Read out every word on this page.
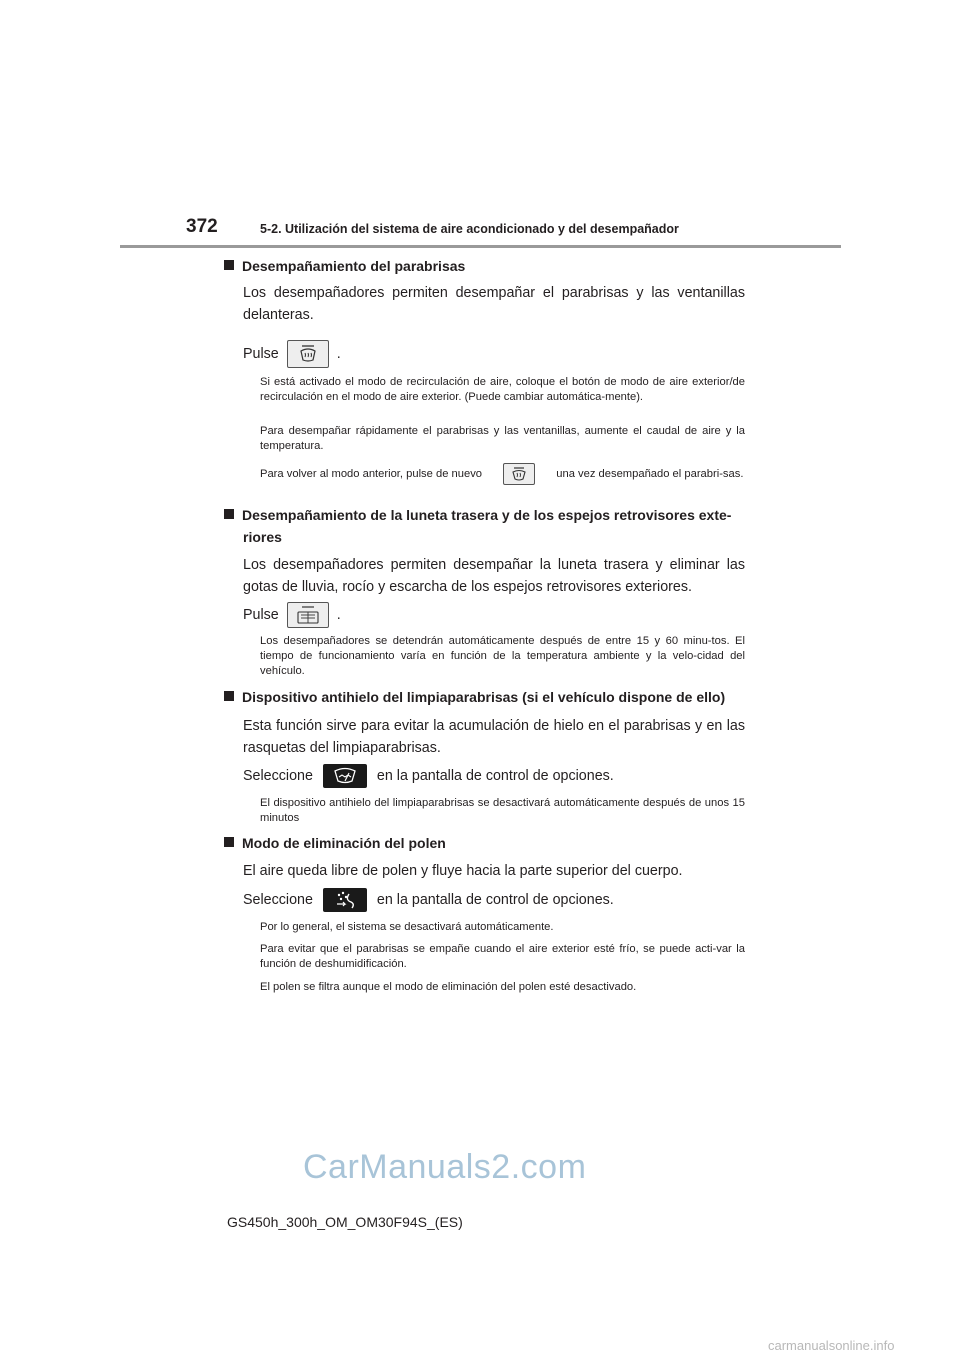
372	5-2. Utilización del sistema de aire acondicionado y del desempañador
Desempañamiento del parabrisas
Los desempañadores permiten desempañar el parabrisas y las ventanillas delanteras.
Pulse	.
Si está activado el modo de recirculación de aire, coloque el botón de modo de aire exterior/de recirculación en el modo de aire exterior. (Puede cambiar automática-mente).
Para desempañar rápidamente el parabrisas y las ventanillas, aumente el caudal de aire y la temperatura.
Para volver al modo anterior, pulse de nuevo	una vez desempañado el parabri-sas.
Desempañamiento de la luneta trasera y de los espejos retrovisores exte-
riores
Los desempañadores permiten desempañar la luneta trasera y eliminar las gotas de lluvia, rocío y escarcha de los espejos retrovisores exteriores.
Pulse	.
Los desempañadores se detendrán automáticamente después de entre 15 y 60 minu-tos. El tiempo de funcionamiento varía en función de la temperatura ambiente y la velo-cidad del vehículo.
Dispositivo antihielo del limpiaparabrisas (si el vehículo dispone de ello)
Esta función sirve para evitar la acumulación de hielo en el parabrisas y en las rasquetas del limpiaparabrisas.
Seleccione	en la pantalla de control de opciones.
El dispositivo antihielo del limpiaparabrisas se desactivará automáticamente después de unos 15 minutos
Modo de eliminación del polen
El aire queda libre de polen y fluye hacia la parte superior del cuerpo.
Seleccione	en la pantalla de control de opciones.
Por lo general, el sistema se desactivará automáticamente.
Para evitar que el parabrisas se empañe cuando el aire exterior esté frío, se puede acti-var la función de deshumidificación.
El polen se filtra aunque el modo de eliminación del polen esté desactivado.
CarManuals2.com
GS450h_300h_OM_OM30F94S_(ES)
carmanualsonline.info
